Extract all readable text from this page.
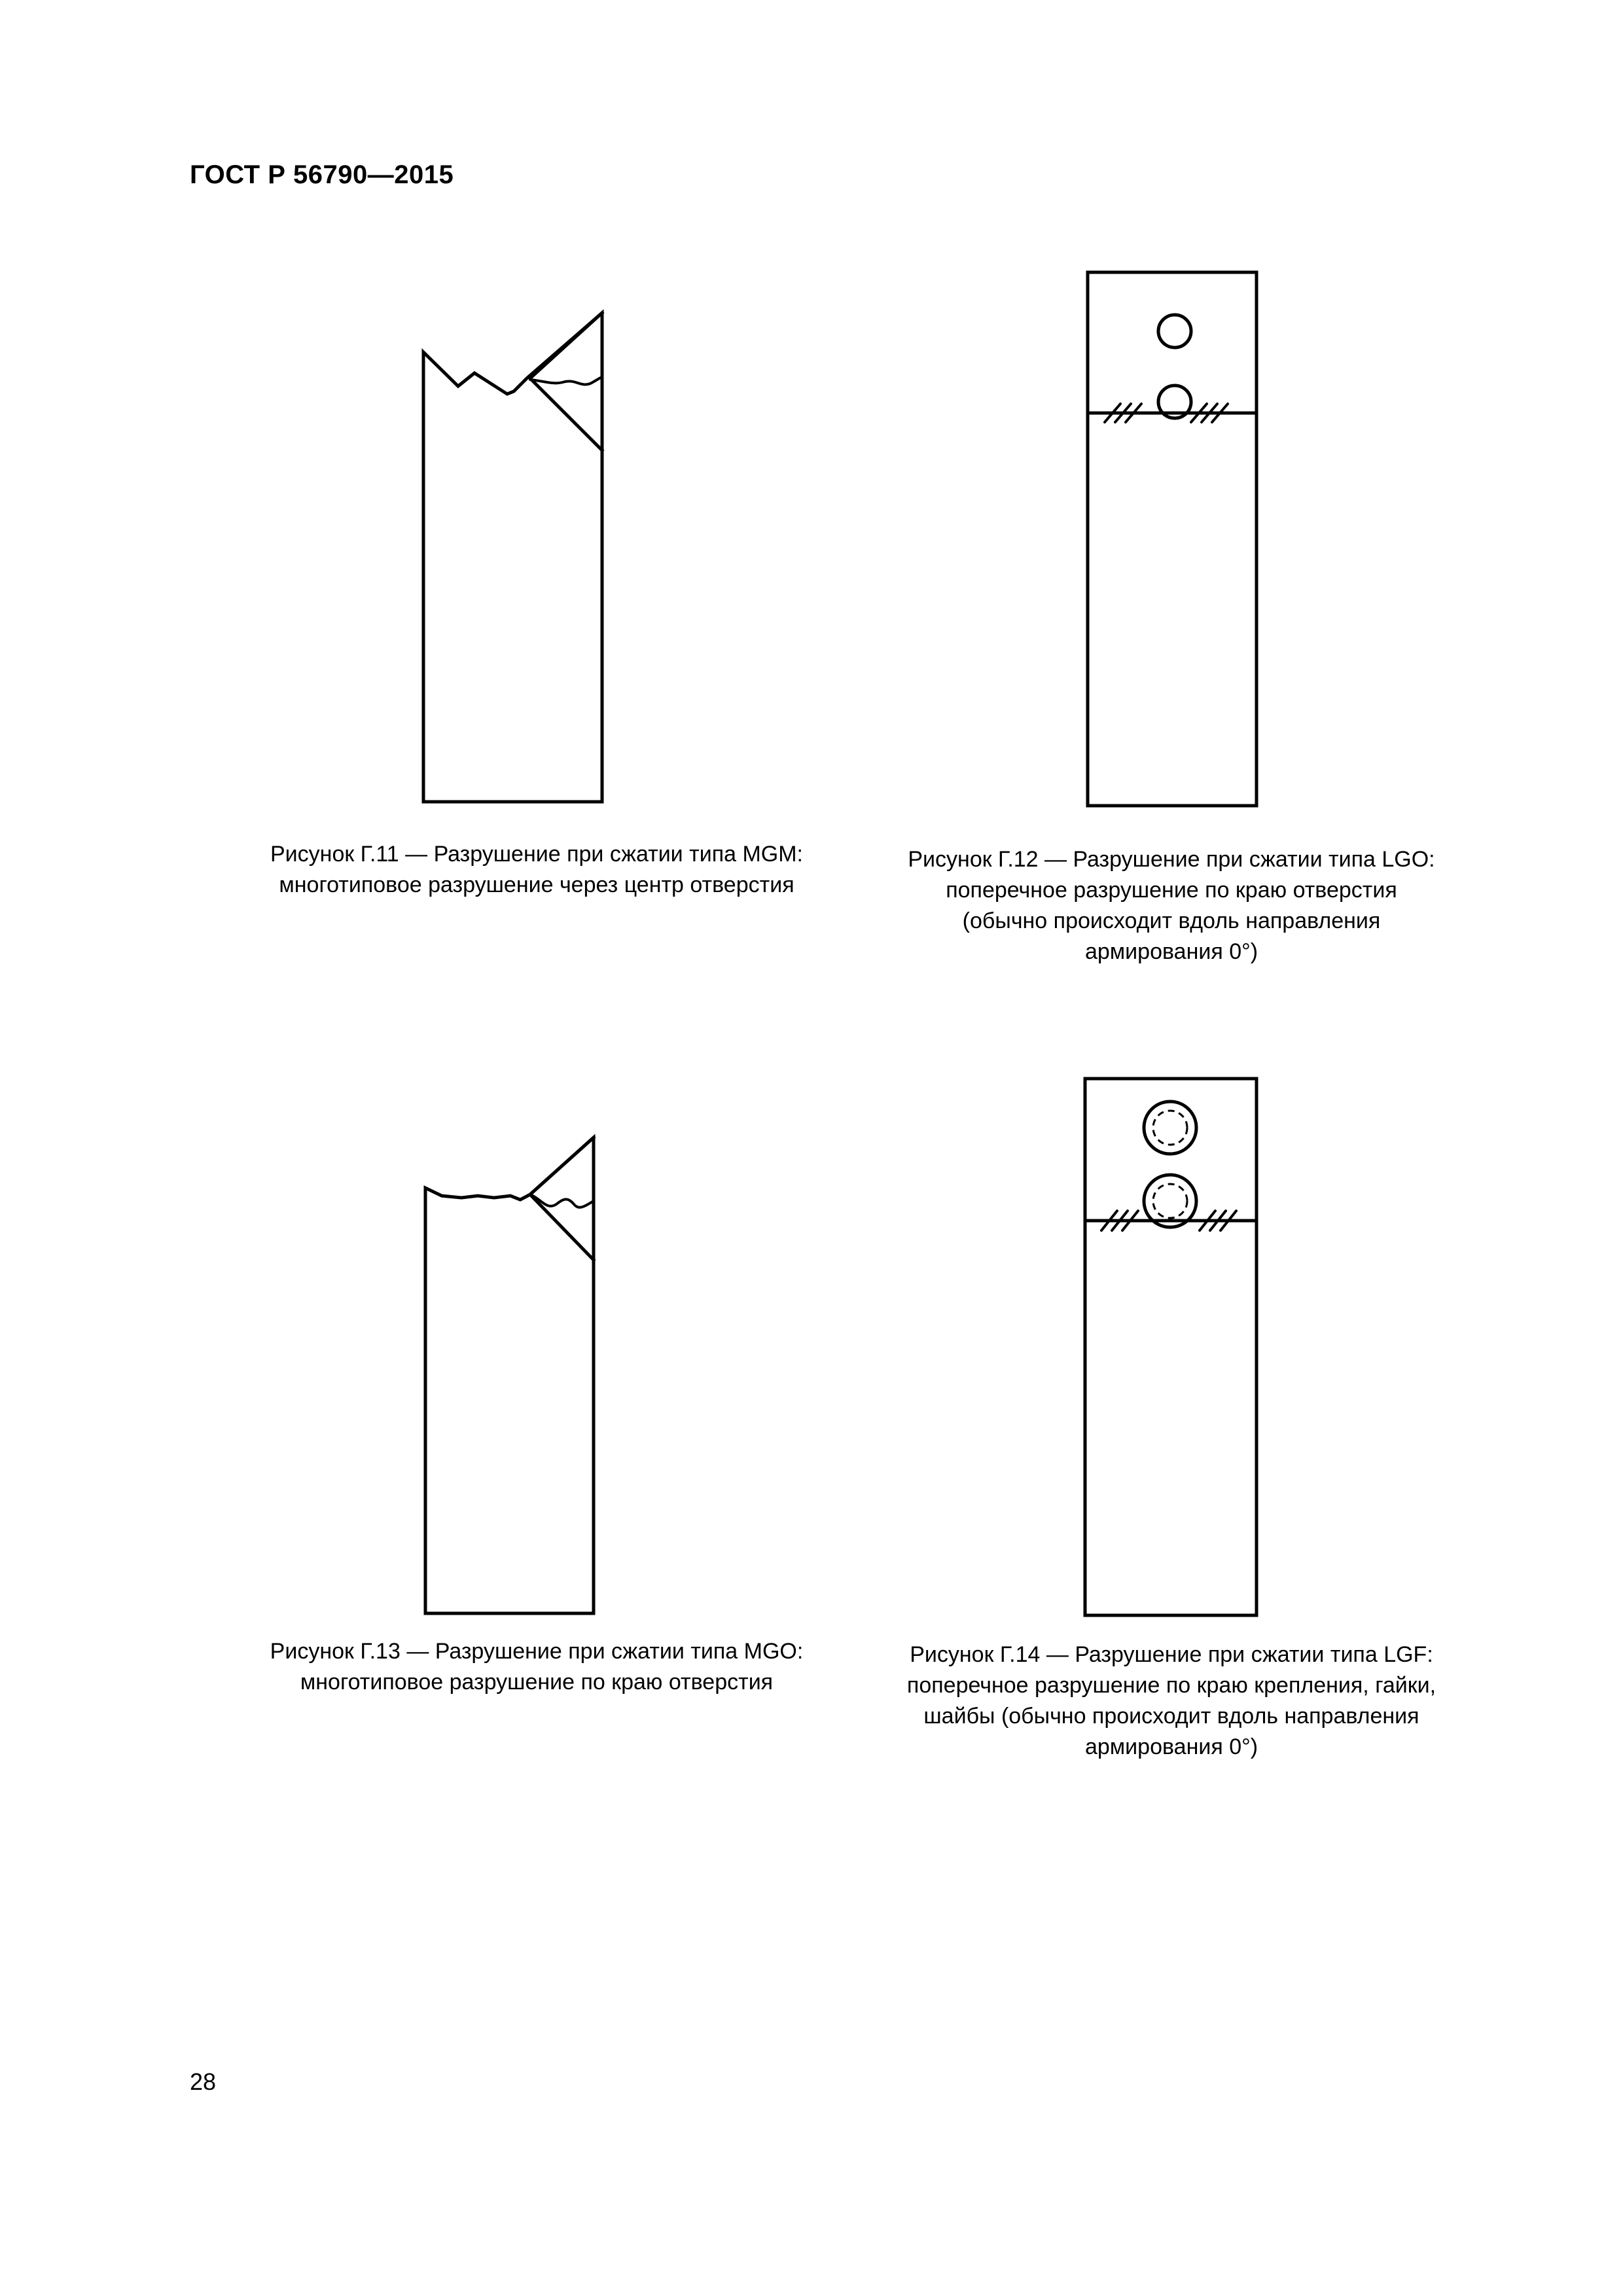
ГОСТ Р 56790—2015
Рисунок Г.11 — Разрушение при сжатии типа MGM:
многотиповое разрушение через центр отверстия
Рисунок Г.12 — Разрушение при сжатии типа LGO:
поперечное разрушение по краю отверстия
(обычно происходит вдоль направления
армирования 0°)
Рисунок Г.13 — Разрушение при сжатии типа MGO:
многотиповое разрушение по краю отверстия
Рисунок Г.14 — Разрушение при сжатии типа LGF:
поперечное разрушение по краю крепления, гайки,
шайбы (обычно происходит вдоль направления
армирования 0°)
28
